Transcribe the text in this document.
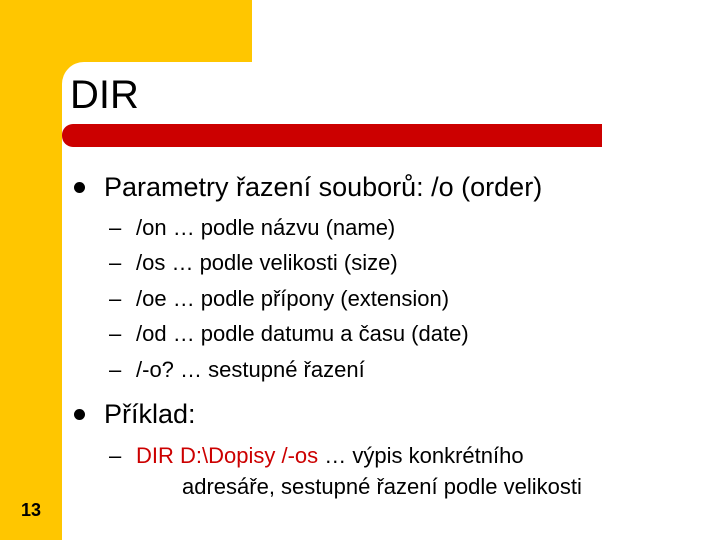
DIR
Parametry řazení souborů: /o (order)
– /on … podle názvu (name)
– /os … podle velikosti (size)
– /oe … podle přípony (extension)
– /od … podle datumu a času (date)
– /-o? … sestupné řazení
Příklad:
– DIR D:\Dopisy /-os … výpis konkrétního
adresáře, sestupné řazení podle velikosti
13
